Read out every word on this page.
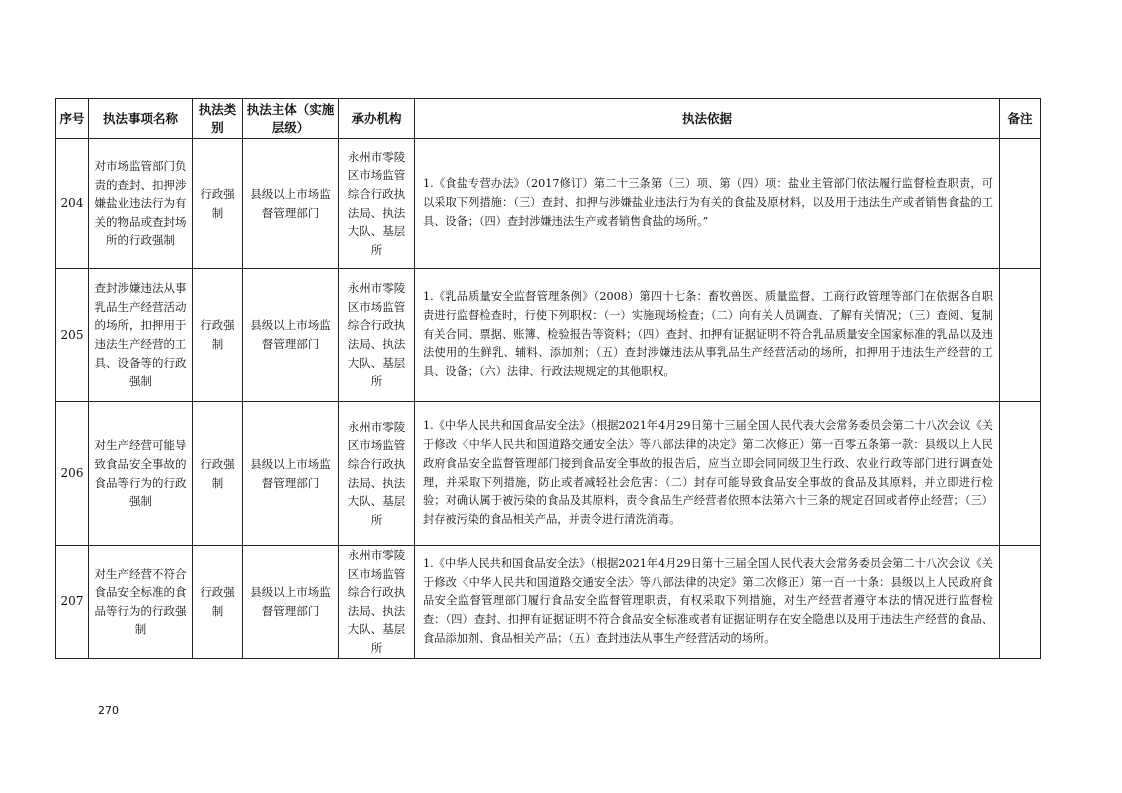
序号	执法事项名称	执法类别	执法主体（实施层级）	承办机构	执法依据	备注
204	对市场监管部门负责的查封、扣押涉嫌盐业违法行为有关的物品或查封场所的行政强制	行政强制	县级以上市场监督管理部门	永州市零陵区市场监管综合行政执法局、执法大队、基层所	1.《食盐专营办法》（2017修订）第二十三条第（三）项、第（四）项：盐业主管部门依法履行监督检查职责，可以采取下列措施：（三）查封、扣押与涉嫌盐业违法行为有关的食盐及原材料，以及用于违法生产或者销售食盐的工具、设备；（四）查封涉嫌违法生产或者销售食盐的场所。”	
205	查封涉嫌违法从事乳品生产经营活动的场所，扣押用于违法生产经营的工具、设备等的行政强制	行政强制	县级以上市场监督管理部门	永州市零陵区市场监管综合行政执法局、执法大队、基层所	1.《乳品质量安全监督管理条例》（2008）第四十七条：畜牧兽医、质量监督、工商行政管理等部门在依据各自职责进行监督检查时，行使下列职权：（一）实施现场检查；（二）向有关人员调查、了解有关情况；（三）查阅、复制有关合同、票据、账簿、检验报告等资料；（四）查封、扣押有证据证明不符合乳品质量安全国家标准的乳品以及违法使用的生鲜乳、辅料、添加剂；（五）查封涉嫌违法从事乳品生产经营活动的场所，扣押用于违法生产经营的工具、设备；（六）法律、行政法规规定的其他职权。	
206	对生产经营可能导致食品安全事故的食品等行为的行政强制	行政强制	县级以上市场监督管理部门	永州市零陵区市场监管综合行政执法局、执法大队、基层所	1.《中华人民共和国食品安全法》（根据2021年4月29日第十三届全国人民代表大会常务委员会第二十八次会议《关于修改〈中华人民共和国道路交通安全法〉等八部法律的决定》第二次修正）第一百零五条第一款：县级以上人民政府食品安全监督管理部门接到食品安全事故的报告后，应当立即会同同级卫生行政、农业行政等部门进行调查处理，并采取下列措施，防止或者减轻社会危害：（二）封存可能导致食品安全事故的食品及其原料，并立即进行检验；对确认属于被污染的食品及其原料，责令食品生产经营者依照本法第六十三条的规定召回或者停止经营；（三）封存被污染的食品相关产品，并责令进行清洗消毒。	
207	对生产经营不符合食品安全标准的食品等行为的行政强制	行政强制	县级以上市场监督管理部门	永州市零陵区市场监管综合行政执法局、执法大队、基层所	1.《中华人民共和国食品安全法》（根据2021年4月29日第十三届全国人民代表大会常务委员会第二十八次会议《关于修改〈中华人民共和国道路交通安全法〉等八部法律的决定》第二次修正）第一百一十条：县级以上人民政府食品安全监督管理部门履行食品安全监督管理职责，有权采取下列措施，对生产经营者遵守本法的情况进行监督检查：（四）查封、扣押有证据证明不符合食品安全标准或者有证据证明存在安全隐患以及用于违法生产经营的食品、食品添加剂、食品相关产品；（五）查封违法从事生产经营活动的场所。	
270
